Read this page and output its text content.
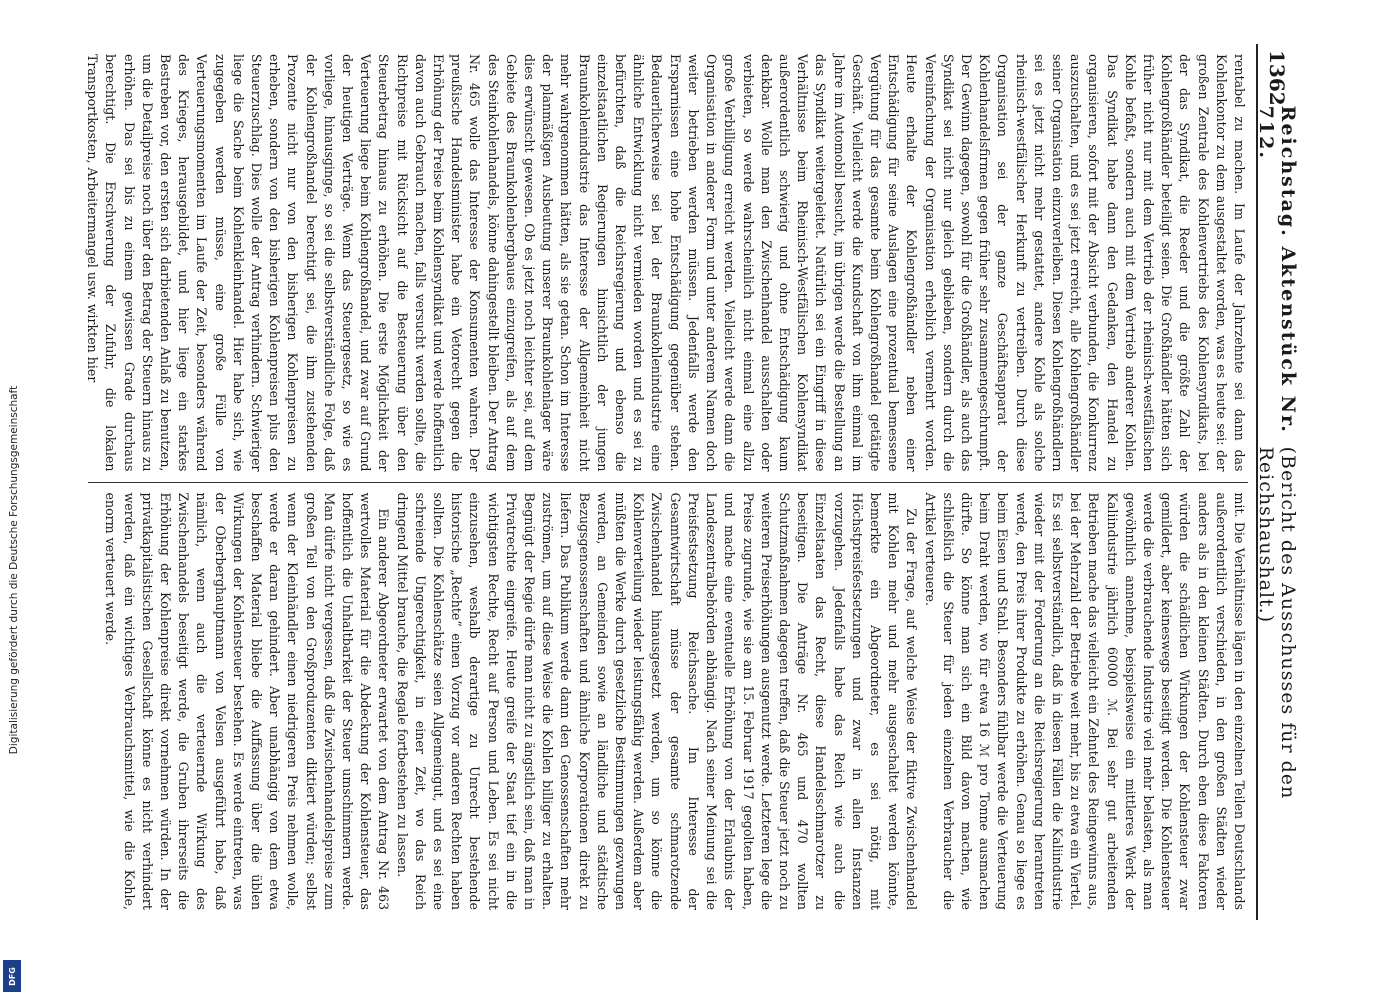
1362
Reichstag. Aktenstück Nr. 712.
(Bericht des Ausschusses für den Reichshaushalt.)

rentabel zu machen. Im Laufe der Jahrzehnte sei dann das Kohlenkontor zu dem ausgestaltet worden, was es heute sei: der großen Zentrale des Kohlenvertriebs des Kohlensyndikats, bei der das Syndikat, die Reeder und die größte Zahl der Kohlengroßhändler beteiligt seien. Die Großhändler hätten sich früher nicht nur mit dem Vertrieb der rheinisch-westfälischen Kohle befaßt, sondern auch mit dem Vertrieb anderer Kohlen. Das Syndikat habe dann den Gedanken, den Handel zu organisieren, sofort mit der Absicht verbunden, die Konkurrenz auszuschalten, und es sei jetzt erreicht, alle Kohlengroßhändler seiner Organisation einzuverleiben. Diesen Kohlengroßhändlern sei es jetzt nicht mehr gestattet, andere Kohle als solche rheinisch-westfälischer Herkunft zu vertreiben. Durch diese Organisation sei der ganze Geschäftsapparat der Kohlenhandelsfirmen gegen früher sehr zusammengeschrumpft. Der Gewinn dagegen, sowohl für die Großhändler, als auch das Syndikat sei nicht nur gleich geblieben, sondern durch die Vereinfachung der Organisation erheblich vermehrt worden. Heute erhalte der Kohlengroßhändler neben einer Entschädigung für seine Auslagen eine prozentual bemessene Vergütung für das gesamte beim Kohlengroßhandel getätigte Geschäft. Vielleicht werde die Kundschaft von ihm einmal im Jahre im Automobil besucht, im übrigen werde die Bestellung an das Syndikat weitergeleitet. Natürlich sei ein Eingriff in diese Verhältnisse beim Rheinisch-Westfälischen Kohlensyndikat außerordentlich schwierig und ohne Entschädigung kaum denkbar. Wolle man den Zwischenhandel ausschalten oder verbieten, so werde wahrscheinlich nicht einmal eine allzu große Verbilligung erreicht werden. Vielleicht werde dann die Organisation in anderer Form und unter anderem Namen doch weiter betrieben werden müssen. Jedenfalls werde den Ersparnissen eine hohe Entschädigung gegenüber stehen. Bedauerlicherweise sei bei der Braunkohlenindustrie eine ähnliche Entwicklung nicht vermieden worden und es sei zu befürchten, daß die Reichsregierung und ebenso die einzelstaatlichen Regierungen hinsichtlich der jungen Braunkohlenindustrie das Interesse der Allgemeinheit nicht mehr wahrgenommen hätten, als sie getan. Schon im Interesse der planmäßigen Ausbeutung unserer Braunkohlenlager wäre dies erwünscht gewesen. Ob es jetzt noch leichter sei, auf dem Gebiete des Braunkohlenbergbaues einzugreifen, als auf dem des Steinkohlenhandels, könne dahingestellt bleiben. Der Antrag Nr. 465 wolle das Interesse der Konsumenten wahren. Der preußische Handelsminister habe ein Vetorecht gegen die Erhöhung der Preise beim Kohlensyndikat und werde hoffentlich davon auch Gebrauch machen, falls versucht werden sollte, die Richtpreise mit Rücksicht auf die Besteuerung über den Steuerbetrag hinaus zu erhöhen. Die erste Möglichkeit der Verteuerung liege beim Kohlengroßhandel, und zwar auf Grund der heutigen Verträge. Wenn das Steuergesetz, so wie es vorliege, hinausginge, so sei die selbstverständliche Folge, daß der Kohlengroßhandel berechtigt sei, die ihm zustehenden Prozente nicht nur von den bisherigen Kohlenpreisen zu erheben, sondern von den bisherigen Kohlenpreisen plus den Steuerzuschlag. Dies wolle der Antrag verhindern. Schwieriger liege die Sache beim Kohlenkleinhandel. Hier habe sich, wie zugegeben werden müsse, eine große Fülle von Verteuerungsmomenten im Laufe der Zeit, besonders während des Krieges, herausgebildet, und hier liege ein starkes Bestreben vor, den ersten sich darbietenden Anlaß zu benutzen, um die Detailpreise noch über den Betrag der Steuern hinaus zu erhöhen. Das sei bis zu einem gewissen Grade durchaus berechtigt. Die Erschwerung der Zufuhr, die lokalen Transportkosten, Arbeitermangel usw. wirkten hier

mit. Die Verhältnisse lägen in den einzelnen Teilen Deutschlands außerordentlich verschieden, in den großen Städten wieder anders als in den kleinen Städten. Durch eben diese Faktoren würden die schädlichen Wirkungen der Kohlensteuer zwar gemildert, aber keineswegs beseitigt werden. Die Kohlensteuer werde die verbrauchende Industrie viel mehr belasten, als man gewöhnlich annehme, beispielsweise ein mittleres Werk der Kaliindustrie jährlich 60000 ℳ. Bei sehr gut arbeitenden Betrieben mache das vielleicht ein Zehntel des Reingewinns aus, bei der Mehrzahl der Betriebe weit mehr, bis zu etwa ein Viertel. Es sei selbstverständlich, daß in diesen Fällen die Kaliindustrie wieder mit der Forderung an die Reichsregierung herantreten werde, den Preis ihrer Produkte zu erhöhen. Genau so liege es beim Eisen und Stahl. Besonders fühlbar werde die Verteuerung beim Draht werden, wo für etwa 16 ℳ pro Tonne ausmachen dürfte. So könne man sich ein Bild davon machen, wie schließlich die Steuer für jeden einzelnen Verbraucher die Artikel verteuere.

Zu der Frage, auf welche Weise der fiktive Zwischenhandel mit Kohlen mehr und mehr ausgeschaltet werden könnte, bemerkte ein Abgeordneter, es sei nötig, mit Höchstpreisfestsetzungen und zwar in allen Instanzen vorzugehen. Jedenfalls habe das Reich wie auch die Einzelstaaten das Recht, diese Handelsschmarotzer zu beseitigen. Die Anträge Nr. 465 und 470 wollten Schutzmaßnahmen dagegen treffen, daß die Steuer jetzt noch zu weiteren Preiserhöhungen ausgenutzt werde. Letzteren lege die Preise zugrunde, wie sie am 15. Februar 1917 gegolten haben, und mache eine eventuelle Erhöhung von der Erlaubnis der Landeszentralbehörden abhängig. Nach seiner Meinung sei die Preisfestsetzung Reichssache. Im Interesse der Gesamtwirtschaft müsse der gesamte schmarotzende Zwischenhandel hinausgesetzt werden, um so könne die Kohlenverteilung wieder leistungsfähig werden. Außerdem aber müßten die Werke durch gesetzliche Bestimmungen gezwungen werden, an Gemeinden sowie an ländliche und städtische Bezugsgenossenschaften und ähnliche Korporationen direkt zu liefern. Das Publikum werde dann den Genossenschaften mehr zuströmen, um auf diese Weise die Kohlen billiger zu erhalten. Begnügt der Regie dürfe man nicht zu ängstlich sein, daß man in Privatrechte eingreife. Heute greife der Staat tief ein in die wichtigsten Rechte, Recht auf Person und Leben. Es sei nicht einzusehen, weshalb derartige zu Unrecht bestehende historische „Rechte“ einen Vorzug vor anderen Rechten haben sollten. Die Kohlenschätze seien Allgemeingut, und es sei eine schreiende Ungerechtigkeit, in einer Zeit, wo das Reich dringend Mittel brauche, die Regale fortbestehen zu lassen.

Ein anderer Abgeordneter erwartet von dem Antrag Nr. 463 wertvolles Material für die Abdeckung der Kohlensteuer, das hoffentlich die Unhaltbarkeit der Steuer umschimmern werde. Man dürfe nicht vergessen, daß die Zwischenhandelspreise zum großen Teil von den Großproduzenten diktiert würden; selbst wenn der Kleinhändler einen niedrigeren Preis nehmen wolle, werde er daran gehindert. Aber unabhängig von dem etwa beschaffen Material bliebe die Auffassung über die üblen Wirkungen der Kohlensteuer bestehen. Es werde eintreten, was der Oberberghauptmann von Velsen ausgeführt habe, daß nämlich, wenn auch die verteuernde Wirkung des Zwischenhandels beseitigt werde, die Gruben ihrerseits die Erhöhung der Kohlenpreise direkt vornehmen würden. In der privatkapitalistischen Gesellschaft könne es nicht verhindert werden, daß ein wichtiges Verbrauchsmittel, wie die Kohle, enorm verteuert werde.

Digitalisierung gefördert durch die Deutsche Forschungsgemeinschaft
DFG
